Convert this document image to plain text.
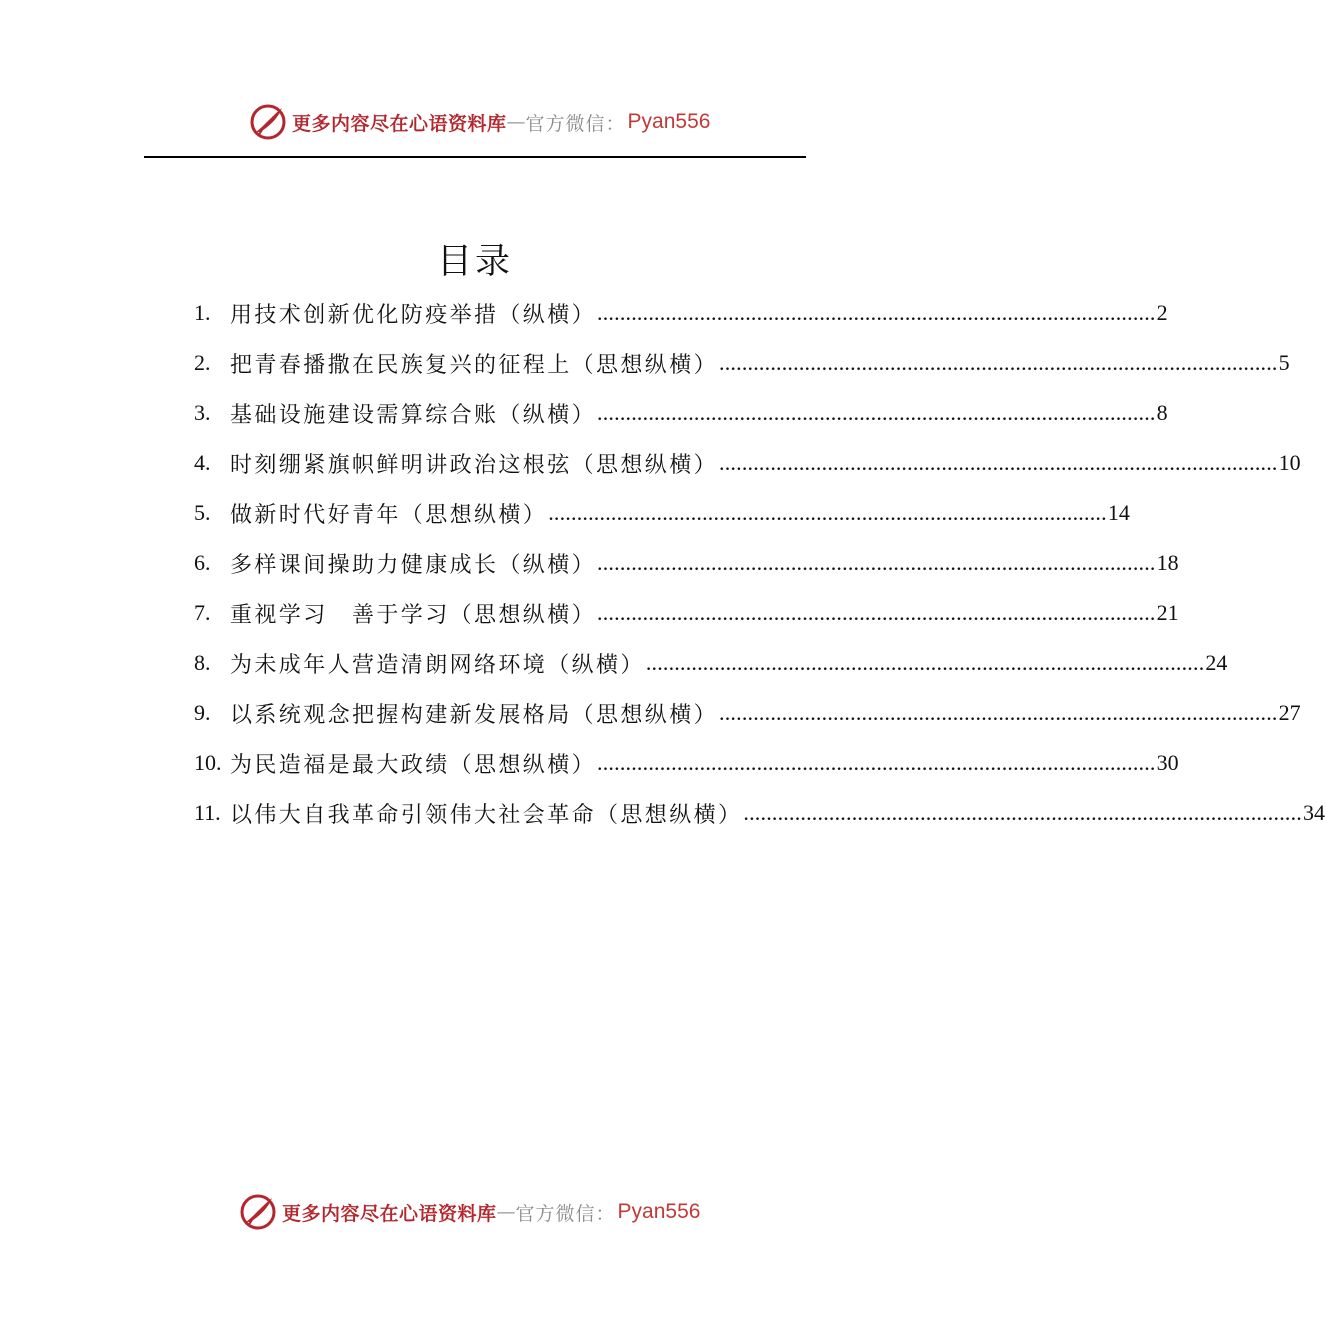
更多内容尽在心语资料库 — 官方微信： Pyan556
目录
1. 用技术创新优化防疫举措（纵横） .................................................................................................. 2
2. 把青春播撒在民族复兴的征程上（思想纵横） .................................................................................................. 5
3. 基础设施建设需算综合账（纵横） .................................................................................................. 8
4. 时刻绷紧旗帜鲜明讲政治这根弦（思想纵横） .................................................................................................. 10
5. 做新时代好青年（思想纵横） .................................................................................................. 14
6. 多样课间操助力健康成长（纵横） .................................................................................................. 18
7. 重视学习　善于学习（思想纵横） .................................................................................................. 21
8. 为未成年人营造清朗网络环境（纵横） .................................................................................................. 24
9. 以系统观念把握构建新发展格局（思想纵横） .................................................................................................. 27
10. 为民造福是最大政绩（思想纵横） .................................................................................................. 30
11. 以伟大自我革命引领伟大社会革命（思想纵横） .................................................................................................. 34
更多内容尽在心语资料库 — 官方微信： Pyan556
